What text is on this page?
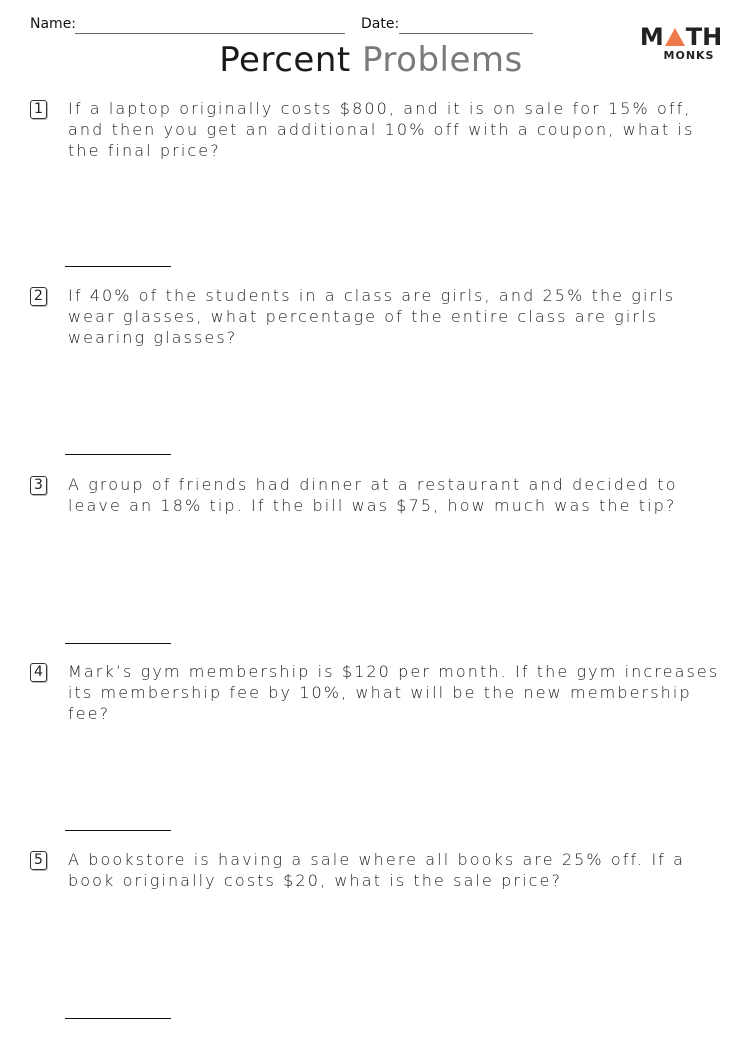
Name:	Date:
Percent Problems
M TH
MONKS
1 If a laptop originally costs $800, and it is on sale for 15% off, and then you get an additional 10% off with a coupon, what is the final price?
2 If 40% of the students in a class are girls, and 25% the girls wear glasses, what percentage of the entire class are girls wearing glasses?
3 A group of friends had dinner at a restaurant and decided to leave an 18% tip. If the bill was $75, how much was the tip?
4 Mark’s gym membership is $120 per month. If the gym increases its membership fee by 10%, what will be the new membership fee?
5 A bookstore is having a sale where all books are 25% off. If a book originally costs $20, what is the sale price?
